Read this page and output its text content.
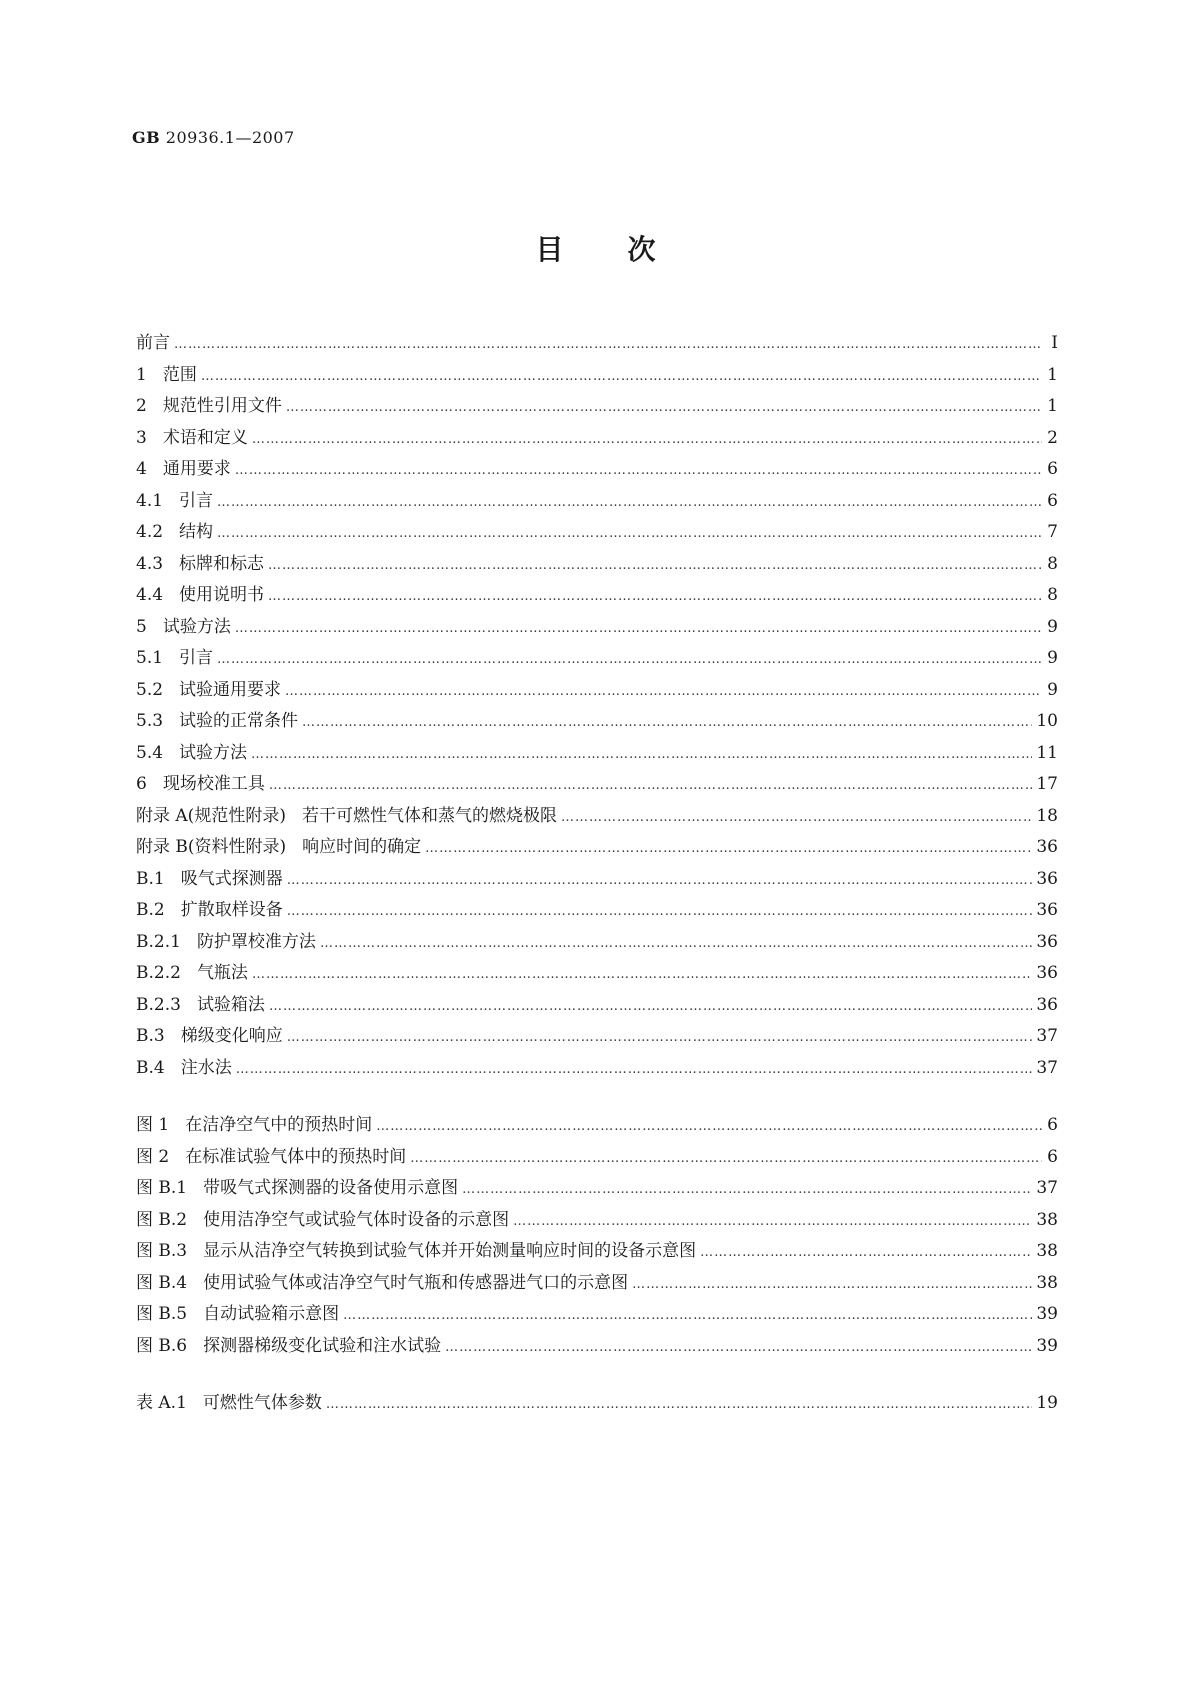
GB 20936.1—2007
目 次
前言 ………………………………………………………………………………………………………………………………………………………………………………………………………………………………	I
1 范围 ………………………………………………………………………………………………………………………………………………………………………………………………………………………………	1
2 规范性引用文件 ………………………………………………………………………………………………………………………………………………………………………………………………………………………………	1
3 术语和定义 ………………………………………………………………………………………………………………………………………………………………………………………………………………………………	2
4 通用要求 ………………………………………………………………………………………………………………………………………………………………………………………………………………………………	6
4.1 引言 ………………………………………………………………………………………………………………………………………………………………………………………………………………………………	6
4.2 结构 ………………………………………………………………………………………………………………………………………………………………………………………………………………………………	7
4.3 标牌和标志 ………………………………………………………………………………………………………………………………………………………………………………………………………………………………	8
4.4 使用说明书 ………………………………………………………………………………………………………………………………………………………………………………………………………………………………	8
5 试验方法 ………………………………………………………………………………………………………………………………………………………………………………………………………………………………	9
5.1 引言 ………………………………………………………………………………………………………………………………………………………………………………………………………………………………	9
5.2 试验通用要求 ………………………………………………………………………………………………………………………………………………………………………………………………………………………………	9
5.3 试验的正常条件 ………………………………………………………………………………………………………………………………………………………………………………………………………………………………	10
5.4 试验方法 ………………………………………………………………………………………………………………………………………………………………………………………………………………………………	11
6 现场校准工具 ………………………………………………………………………………………………………………………………………………………………………………………………………………………………	17
附录 A(规范性附录) 若干可燃性气体和蒸气的燃烧极限 ………………………………………………………………………………………………………………………………………………………………………………………………………………………………	18
附录 B(资料性附录) 响应时间的确定 ………………………………………………………………………………………………………………………………………………………………………………………………………………………………	36
B.1 吸气式探测器 ………………………………………………………………………………………………………………………………………………………………………………………………………………………………	36
B.2 扩散取样设备 ………………………………………………………………………………………………………………………………………………………………………………………………………………………………	36
B.2.1 防护罩校准方法 ………………………………………………………………………………………………………………………………………………………………………………………………………………………………	36
B.2.2 气瓶法 ………………………………………………………………………………………………………………………………………………………………………………………………………………………………	36
B.2.3 试验箱法 ………………………………………………………………………………………………………………………………………………………………………………………………………………………………	36
B.3 梯级变化响应 ………………………………………………………………………………………………………………………………………………………………………………………………………………………………	37
B.4 注水法 ………………………………………………………………………………………………………………………………………………………………………………………………………………………………	37
图 1 在洁净空气中的预热时间 ………………………………………………………………………………………………………………………………………………………………………………………………………………………………	6
图 2 在标准试验气体中的预热时间 ………………………………………………………………………………………………………………………………………………………………………………………………………………………………	6
图 B.1 带吸气式探测器的设备使用示意图 ………………………………………………………………………………………………………………………………………………………………………………………………………………………………	37
图 B.2 使用洁净空气或试验气体时设备的示意图 ………………………………………………………………………………………………………………………………………………………………………………………………………………………………	38
图 B.3 显示从洁净空气转换到试验气体并开始测量响应时间的设备示意图 ………………………………………………………………………………………………………………………………………………………………………………………………………………………………	38
图 B.4 使用试验气体或洁净空气时气瓶和传感器进气口的示意图 ………………………………………………………………………………………………………………………………………………………………………………………………………………………………	38
图 B.5 自动试验箱示意图 ………………………………………………………………………………………………………………………………………………………………………………………………………………………………	39
图 B.6 探测器梯级变化试验和注水试验 ………………………………………………………………………………………………………………………………………………………………………………………………………………………………	39
表 A.1 可燃性气体参数 ………………………………………………………………………………………………………………………………………………………………………………………………………………………………	19
